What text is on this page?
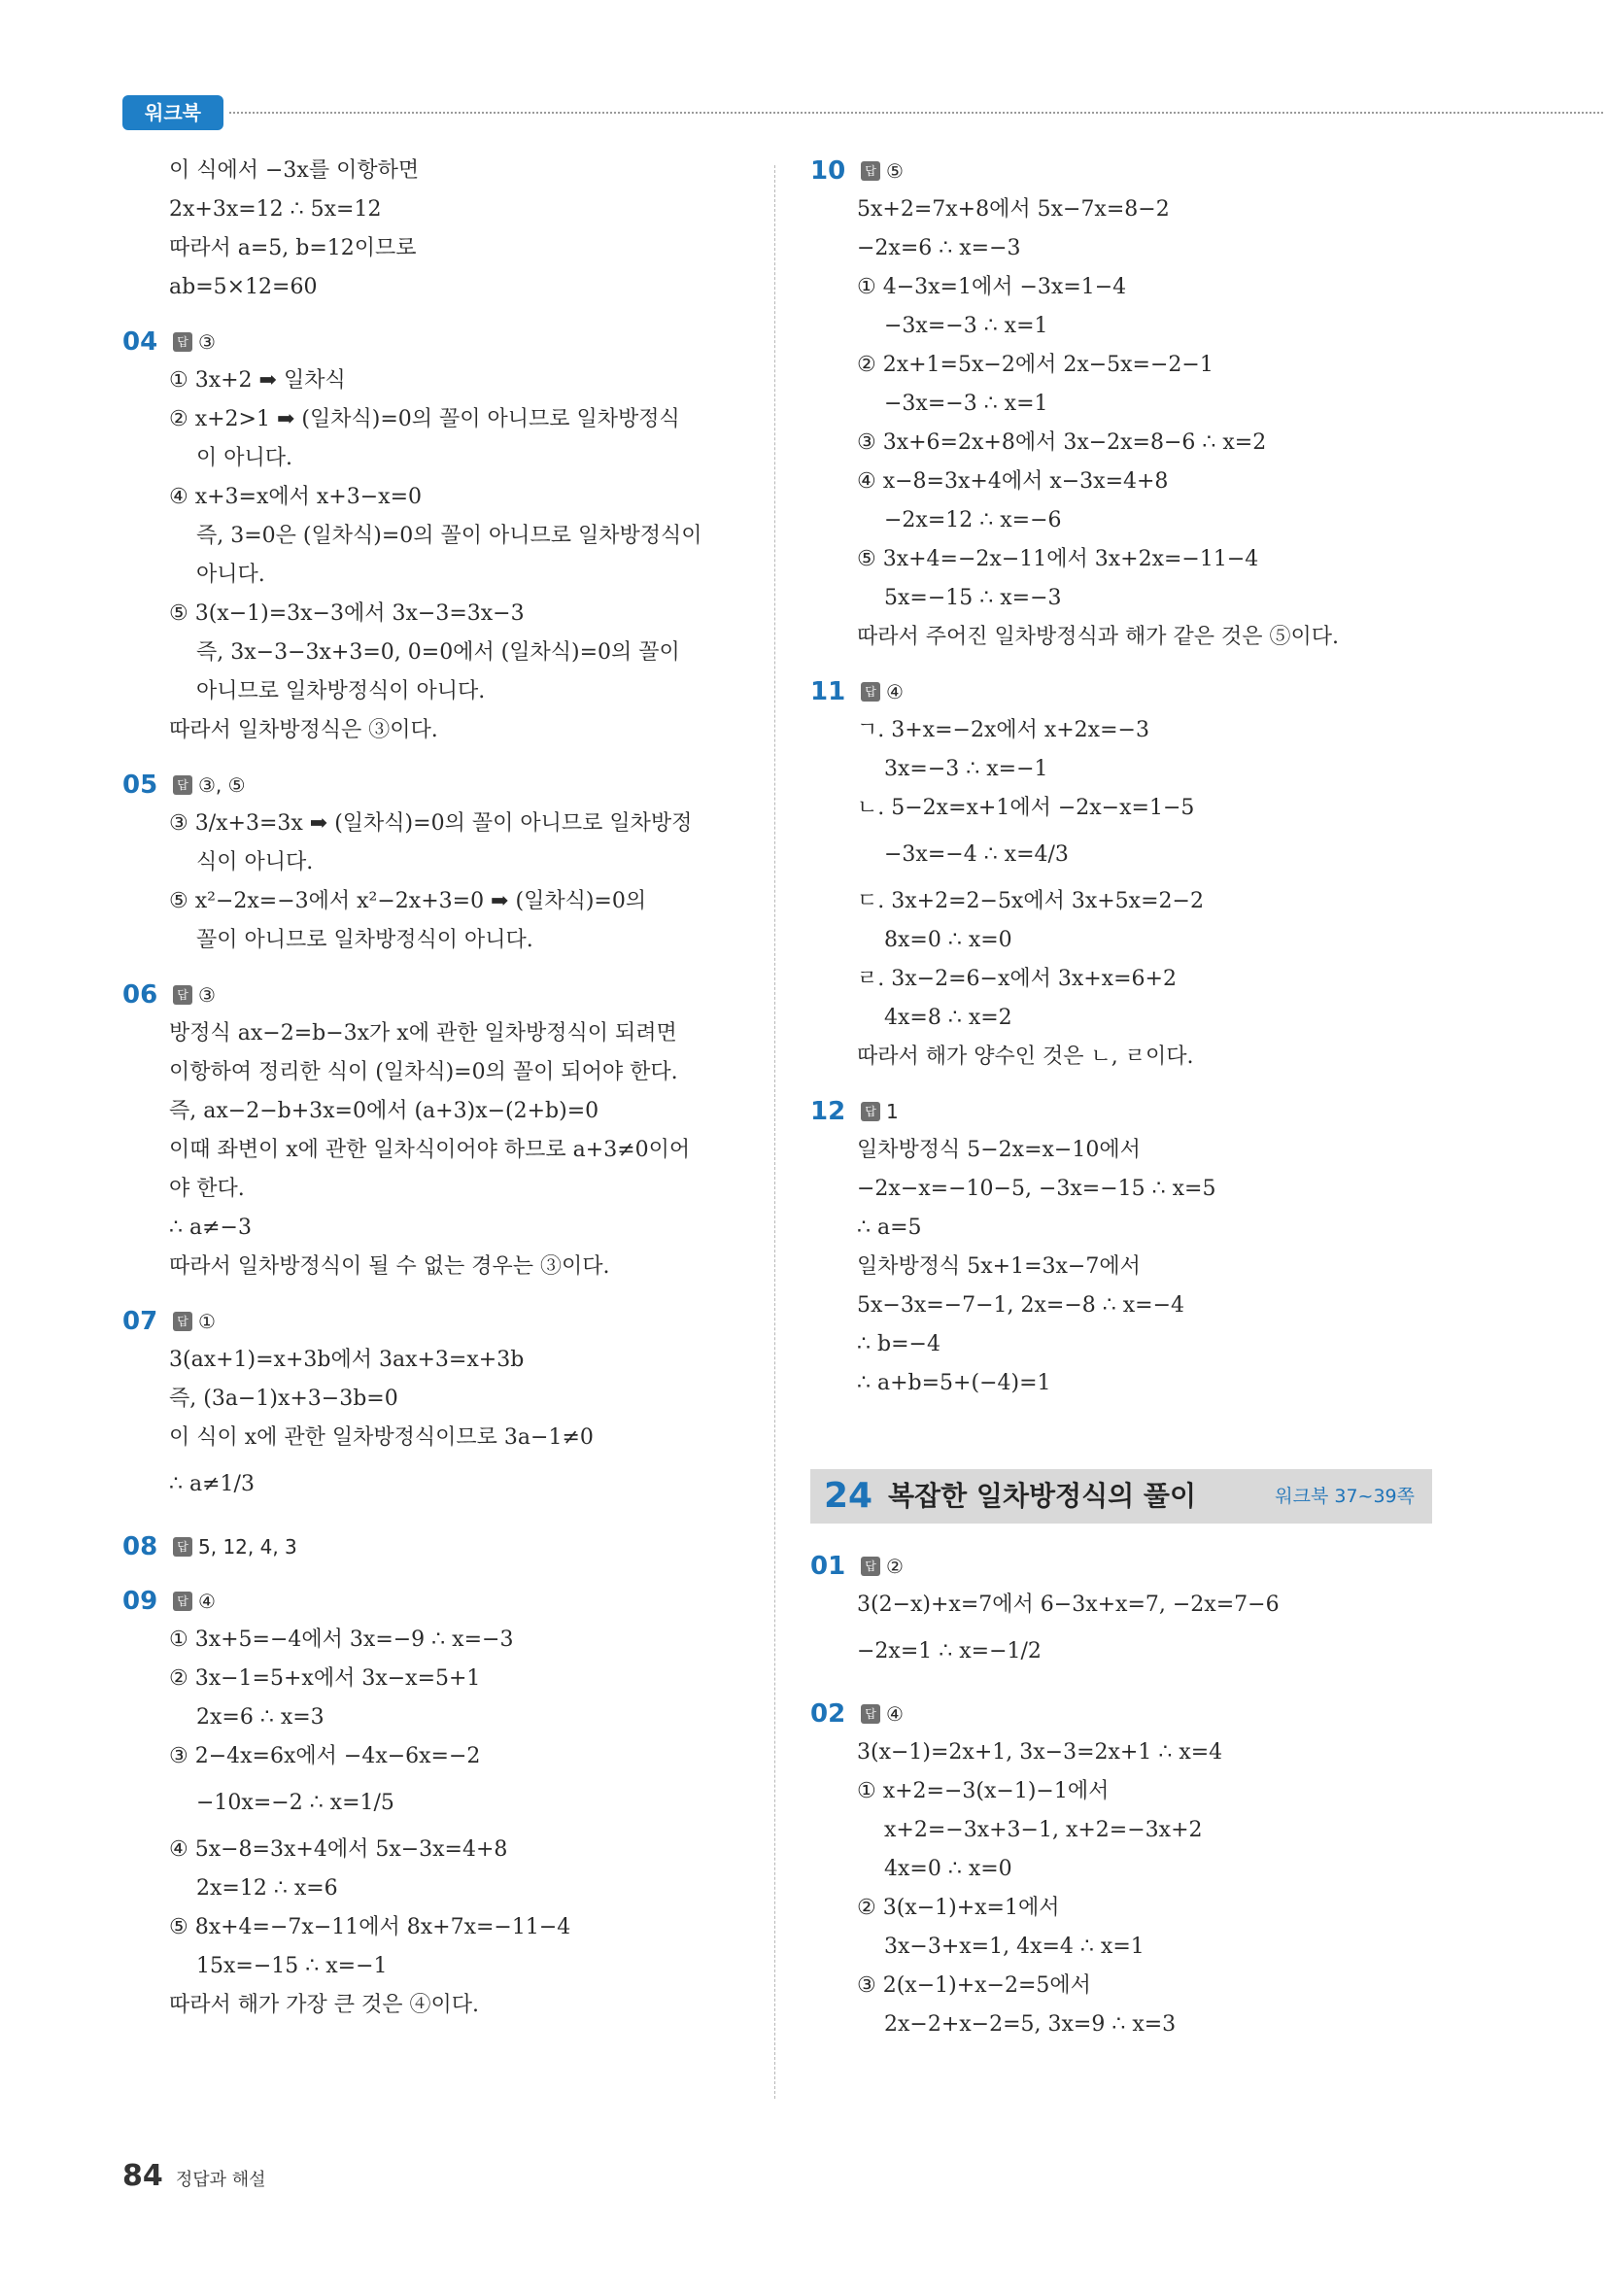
워크북
이 식에서 −3x를 이항하면
2x+3x=12 ∴ 5x=12
따라서 a=5, b=12이므로
ab=5×12=60
04	답 ③
① 3x+2 ➡ 일차식
② x+2>1 ➡ (일차식)=0의 꼴이 아니므로 일차방정식
이 아니다.
④ x+3=x에서 x+3−x=0
즉, 3=0은 (일차식)=0의 꼴이 아니므로 일차방정식이
아니다.
⑤ 3(x−1)=3x−3에서 3x−3=3x−3
즉, 3x−3−3x+3=0, 0=0에서 (일차식)=0의 꼴이
아니므로 일차방정식이 아니다.
따라서 일차방정식은 ③이다.
05	답 ③, ⑤
③ 3/x+3=3x ➡ (일차식)=0의 꼴이 아니므로 일차방정
식이 아니다.
⑤ x²−2x=−3에서 x²−2x+3=0 ➡ (일차식)=0의
꼴이 아니므로 일차방정식이 아니다.
06	답 ③
방정식 ax−2=b−3x가 x에 관한 일차방정식이 되려면
이항하여 정리한 식이 (일차식)=0의 꼴이 되어야 한다.
즉, ax−2−b+3x=0에서 (a+3)x−(2+b)=0
이때 좌변이 x에 관한 일차식이어야 하므로 a+3≠0이어
야 한다.
∴ a≠−3
따라서 일차방정식이 될 수 없는 경우는 ③이다.
07	답 ①
3(ax+1)=x+3b에서 3ax+3=x+3b
즉, (3a−1)x+3−3b=0
이 식이 x에 관한 일차방정식이므로 3a−1≠0
∴ a≠1/3
08	답 5, 12, 4, 3
09	답 ④
① 3x+5=−4에서 3x=−9 ∴ x=−3
② 3x−1=5+x에서 3x−x=5+1
2x=6 ∴ x=3
③ 2−4x=6x에서 −4x−6x=−2
−10x=−2 ∴ x=1/5
④ 5x−8=3x+4에서 5x−3x=4+8
2x=12 ∴ x=6
⑤ 8x+4=−7x−11에서 8x+7x=−11−4
15x=−15 ∴ x=−1
따라서 해가 가장 큰 것은 ④이다.
10	답 ⑤
5x+2=7x+8에서 5x−7x=8−2
−2x=6 ∴ x=−3
① 4−3x=1에서 −3x=1−4
−3x=−3 ∴ x=1
② 2x+1=5x−2에서 2x−5x=−2−1
−3x=−3 ∴ x=1
③ 3x+6=2x+8에서 3x−2x=8−6 ∴ x=2
④ x−8=3x+4에서 x−3x=4+8
−2x=12 ∴ x=−6
⑤ 3x+4=−2x−11에서 3x+2x=−11−4
5x=−15 ∴ x=−3
따라서 주어진 일차방정식과 해가 같은 것은 ⑤이다.
11	답 ④
ㄱ. 3+x=−2x에서 x+2x=−3
3x=−3 ∴ x=−1
ㄴ. 5−2x=x+1에서 −2x−x=1−5
−3x=−4 ∴ x=4/3
ㄷ. 3x+2=2−5x에서 3x+5x=2−2
8x=0 ∴ x=0
ㄹ. 3x−2=6−x에서 3x+x=6+2
4x=8 ∴ x=2
따라서 해가 양수인 것은 ㄴ, ㄹ이다.
12	답 1
일차방정식 5−2x=x−10에서
−2x−x=−10−5, −3x=−15 ∴ x=5
∴ a=5
일차방정식 5x+1=3x−7에서
5x−3x=−7−1, 2x=−8 ∴ x=−4
∴ b=−4
∴ a+b=5+(−4)=1
24 복잡한 일차방정식의 풀이	워크북 37~39쪽
01	답 ②
3(2−x)+x=7에서 6−3x+x=7, −2x=7−6
−2x=1 ∴ x=−1/2
02	답 ④
3(x−1)=2x+1, 3x−3=2x+1 ∴ x=4
① x+2=−3(x−1)−1에서
x+2=−3x+3−1, x+2=−3x+2
4x=0 ∴ x=0
② 3(x−1)+x=1에서
3x−3+x=1, 4x=4 ∴ x=1
③ 2(x−1)+x−2=5에서
2x−2+x−2=5, 3x=9 ∴ x=3
84 정답과 해설
